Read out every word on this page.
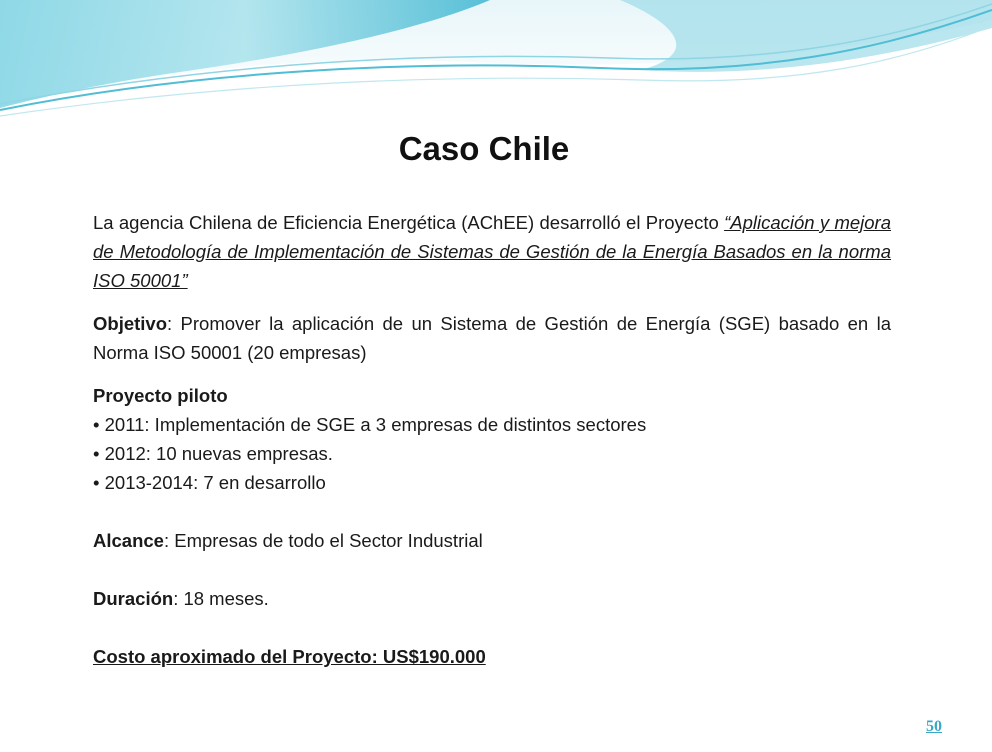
Caso Chile

La agencia Chilena de Eficiencia Energética (AChEE) desarrolló el Proyecto “Aplicación y mejora de Metodología de Implementación de Sistemas de Gestión de la Energía Basados en la norma ISO 50001”

Objetivo: Promover la aplicación de un Sistema de Gestión de Energía (SGE) basado en la Norma ISO 50001 (20 empresas)

Proyecto piloto

• 2011: Implementación de SGE a 3 empresas de distintos sectores

• 2012: 10 nuevas empresas.

• 2013-2014: 7 en desarrollo

Alcance: Empresas de todo el Sector Industrial

Duración: 18 meses.

Costo aproximado del Proyecto: US$190.000

50
